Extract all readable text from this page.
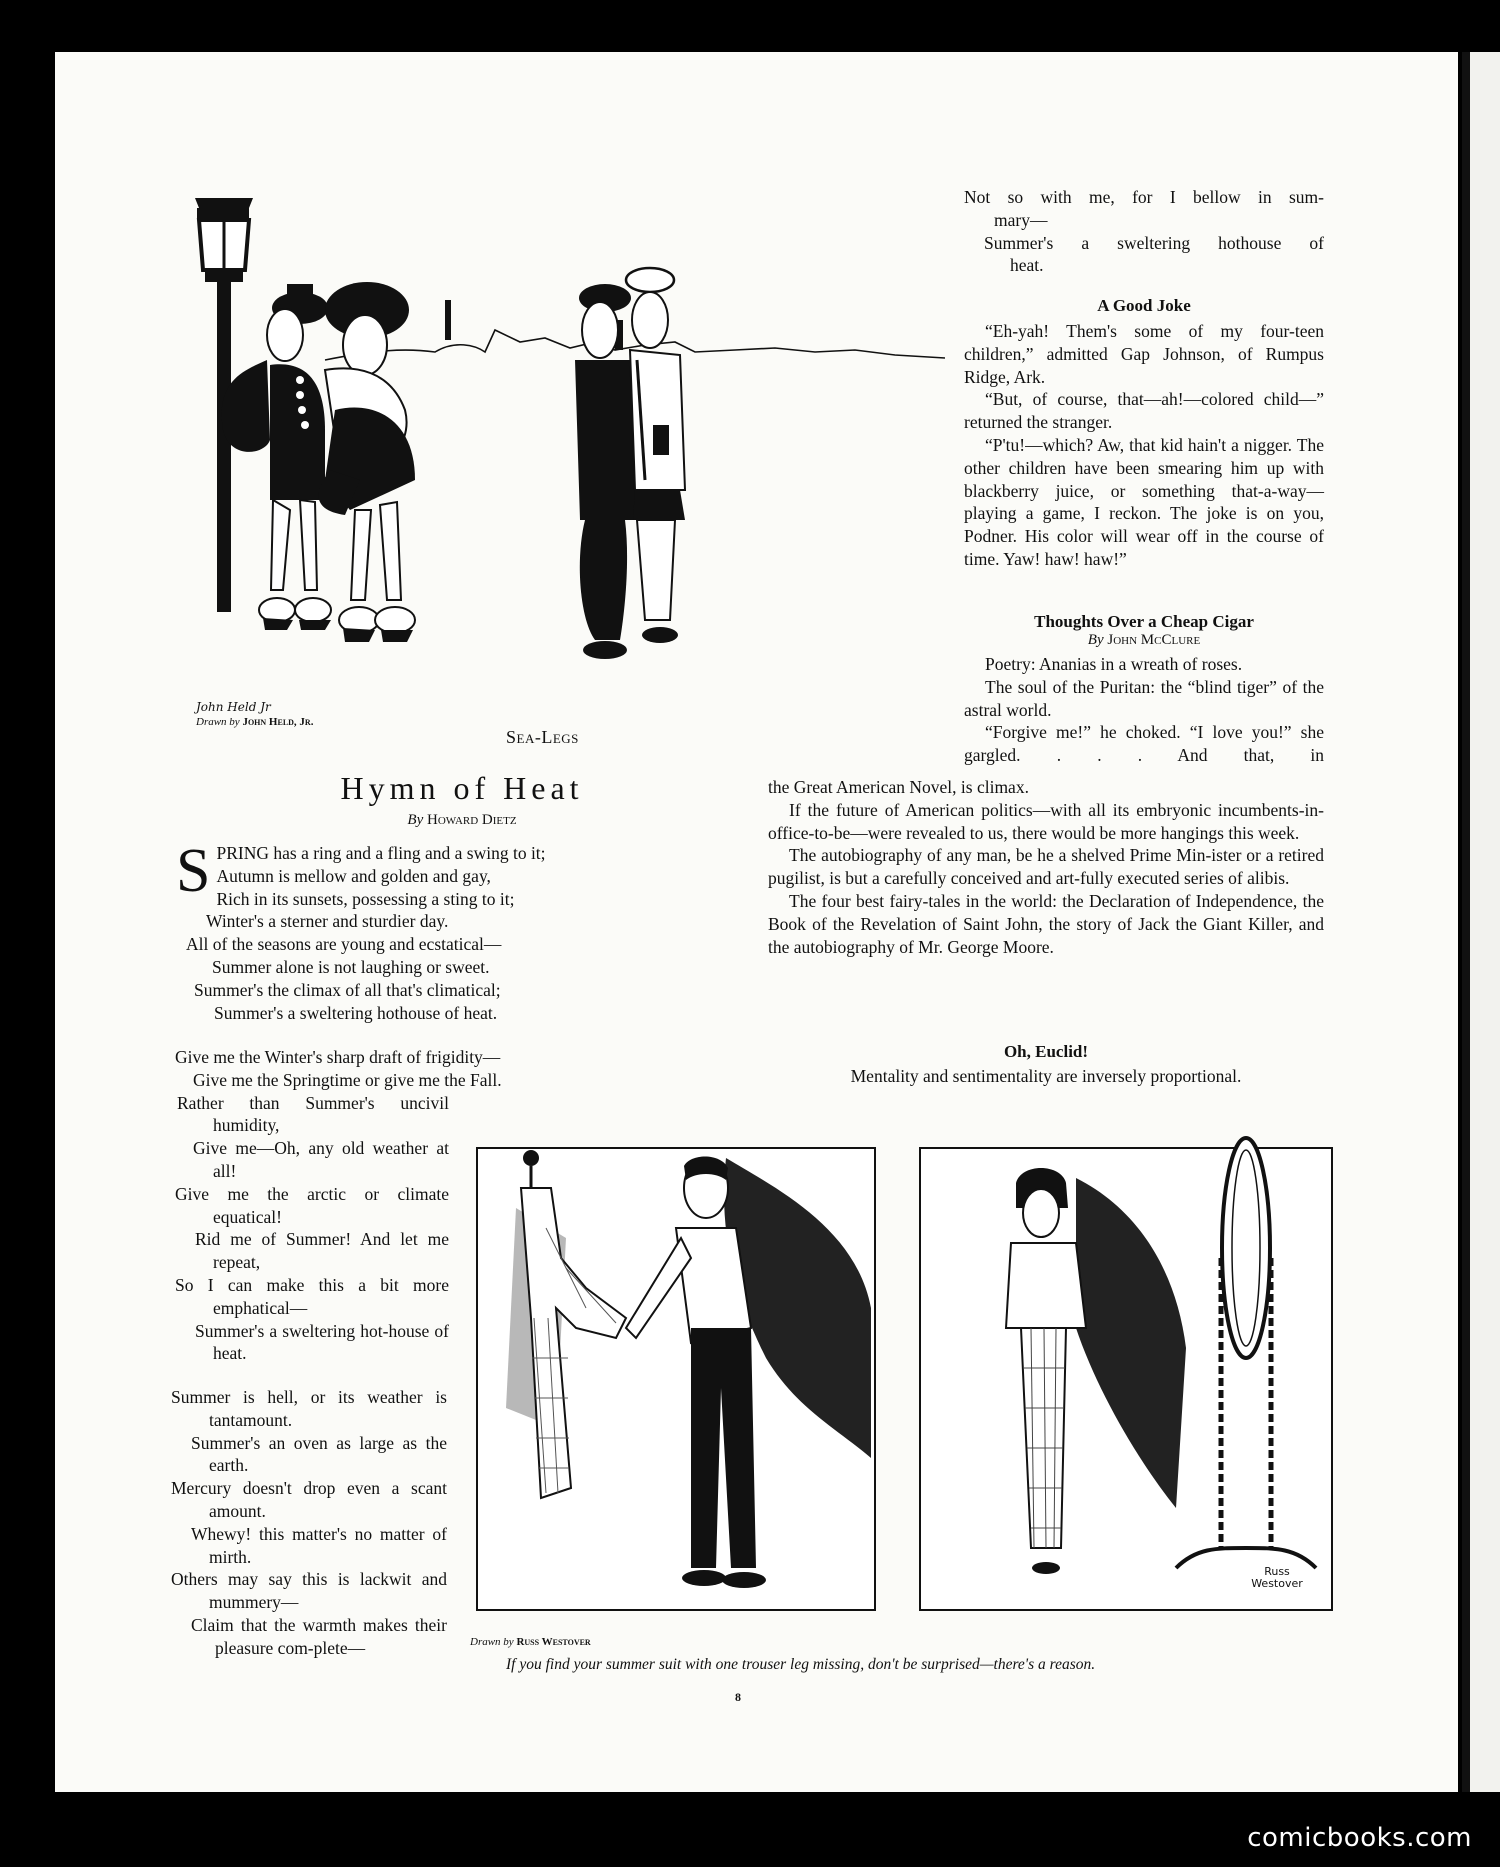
John Held Jr
Drawn by John Held, Jr.
Sea-Legs
Not so with me, for I bellow in sum-
mary—
Summer's a sweltering hothouse of
heat.
A Good Joke

“Eh-yah! Them's some of my four-teen children,” admitted Gap Johnson, of Rumpus Ridge, Ark.

“But, of course, that—ah!—colored child—” returned the stranger.

“P'tu!—which? Aw, that kid hain't a nigger. The other children have been smearing him up with blackberry juice, or something that-a-way—playing a game, I reckon. The joke is on you, Podner. His color will wear off in the course of time. Yaw! haw! haw!”

Thoughts Over a Cheap Cigar
By John McClure

Poetry: Ananias in a wreath of roses.

The soul of the Puritan: the “blind tiger” of the astral world.

“Forgive me!” he choked. “I love you!” she gargled. . . . And that, in

the Great American Novel, is climax.

If the future of American politics—with all its embryonic incumbents-in-office-to-be—were revealed to us, there would be more hangings this week.

The autobiography of any man, be he a shelved Prime Min-ister or a retired pugilist, is but a carefully conceived and art-fully executed series of alibis.

The four best fairy-tales in the world: the Declaration of Independence, the Book of the Revelation of Saint John, the story of Jack the Giant Killer, and the autobiography of Mr. George Moore.

Oh, Euclid!
Mentality and sentimentality are inversely proportional.
Hymn of Heat
By Howard Dietz
S PRING has a ring and a fling and a swing to it;

Autumn is mellow and golden and gay,

Rich in its sunsets, possessing a sting to it;

Winter's a sterner and sturdier day.

All of the seasons are young and ecstatical—

Summer alone is not laughing or sweet.

Summer's the climax of all that's climatical;

Summer's a sweltering hothouse of heat.

Give me the Winter's sharp draft of frigidity—

Give me the Springtime or give me the Fall.

Rather than Summer's uncivil humidity,

Give me—Oh, any old weather at all!

Give me the arctic or climate equatical!

Rid me of Summer! And let me repeat,

So I can make this a bit more emphatical—

Summer's a sweltering hot-house of heat.

Summer is hell, or its weather is tantamount.

Summer's an oven as large as the earth.

Mercury doesn't drop even a scant amount.

Whewy! this matter's no matter of mirth.

Others may say this is lackwit and mummery—

Claim that the warmth makes their pleasure com-plete—

Russ Westover
Drawn by Russ Westover
If you find your summer suit with one trouser leg missing, don't be surprised—there's a reason.
8
comicbooks.com
